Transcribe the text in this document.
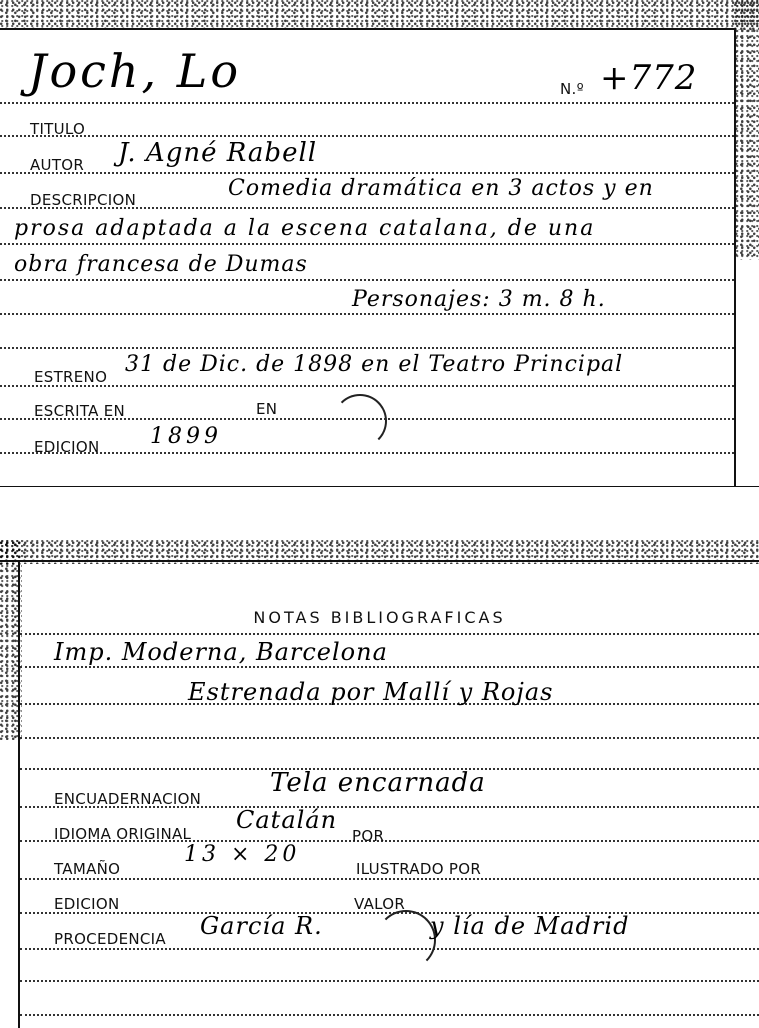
Joch, Lo	N.º +772
TITULO
AUTOR J. Agné Rabell
DESCRIPCION	Comedia dramática en 3 actos y en
prosa adaptada a la escena catalana, de una
obra francesa de Dumas
Personajes: 3 m. 8 h.
ESTRENO 31 de Dic. de 1898 en el Teatro Principal
ESCRITA EN	EN
EDICION 1899
NOTAS BIBLIOGRAFICAS
Imp. Moderna, Barcelona
Estrenada por Mallí y Rojas
ENCUADERNACION
Tela encarnada
IDIOMA ORIGINAL Catalán
POR
TAMAÑO
13 × 20
ILUSTRADO POR
EDICION	VALOR
PROCEDENCIA García R.	y lía de Madrid
